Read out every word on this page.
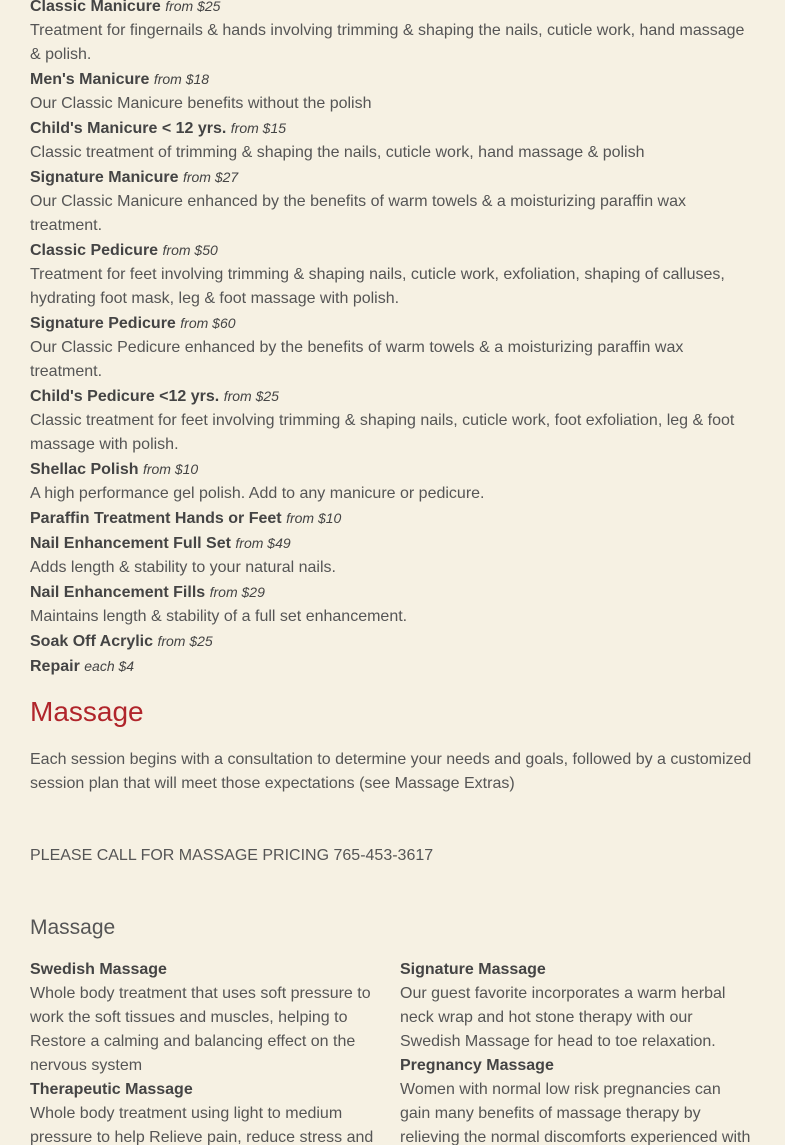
Classic Manicure from $25
Treatment for fingernails & hands involving trimming & shaping the nails, cuticle work, hand massage & polish.
Men's Manicure from $18
Our Classic Manicure benefits without the polish
Child's Manicure < 12 yrs. from $15
Classic treatment of trimming & shaping the nails, cuticle work, hand massage & polish
Signature Manicure from $27
Our Classic Manicure enhanced by the benefits of warm towels & a moisturizing paraffin wax treatment.
Classic Pedicure from $50
Treatment for feet involving trimming & shaping nails, cuticle work, exfoliation, shaping of calluses, hydrating foot mask, leg & foot massage with polish.
Signature Pedicure from $60
Our Classic Pedicure enhanced by the benefits of warm towels & a moisturizing paraffin wax treatment.
Child's Pedicure <12 yrs. from $25
Classic treatment for feet involving trimming & shaping nails, cuticle work, foot exfoliation, leg & foot massage with polish.
Shellac Polish from $10
A high performance gel polish. Add to any manicure or pedicure.
Paraffin Treatment Hands or Feet from $10
Nail Enhancement Full Set from $49
Adds length & stability to your natural nails.
Nail Enhancement Fills from $29
Maintains length & stability of a full set enhancement.
Soak Off Acrylic from $25
Repair each $4
Massage
Each session begins with a consultation to determine your needs and goals, followed by a customized session plan that will meet those expectations (see Massage Extras)
PLEASE CALL FOR MASSAGE PRICING 765-453-3617
Massage
Swedish Massage
Whole body treatment that uses soft pressure to work the soft tissues and muscles, helping to Restore a calming and balancing effect on the nervous system
Therapeutic Massage
Whole body treatment using light to medium pressure to help Relieve pain, reduce stress and
Signature Massage
Our guest favorite incorporates a warm herbal neck wrap and hot stone therapy with our Swedish Massage for head to toe relaxation.
Pregnancy Massage
Women with normal low risk pregnancies can gain many benefits of massage therapy by relieving the normal discomforts experienced with
